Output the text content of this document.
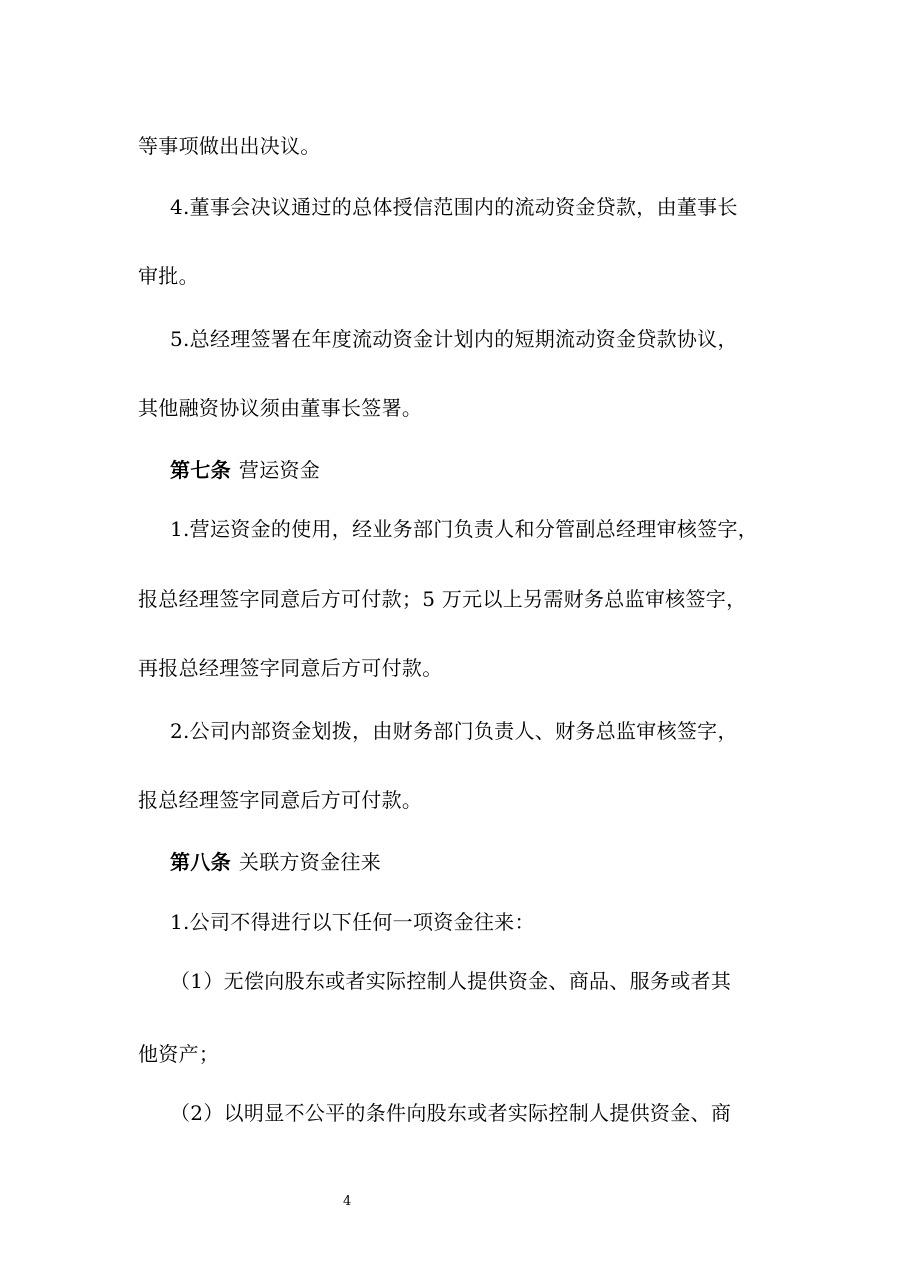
等事项做出出决议。
4.董事会决议通过的总体授信范围内的流动资金贷款，由董事长
审批。
5.总经理签署在年度流动资金计划内的短期流动资金贷款协议，
其他融资协议须由董事长签署。
第七条 营运资金
1.营运资金的使用，经业务部门负责人和分管副总经理审核签字，
报总经理签字同意后方可付款；5 万元以上另需财务总监审核签字，
再报总经理签字同意后方可付款。
2.公司内部资金划拨，由财务部门负责人、财务总监审核签字，
报总经理签字同意后方可付款。
第八条 关联方资金往来
1.公司不得进行以下任何一项资金往来：
（1）无偿向股东或者实际控制人提供资金、商品、服务或者其
他资产；
（2）以明显不公平的条件向股东或者实际控制人提供资金、商
4
